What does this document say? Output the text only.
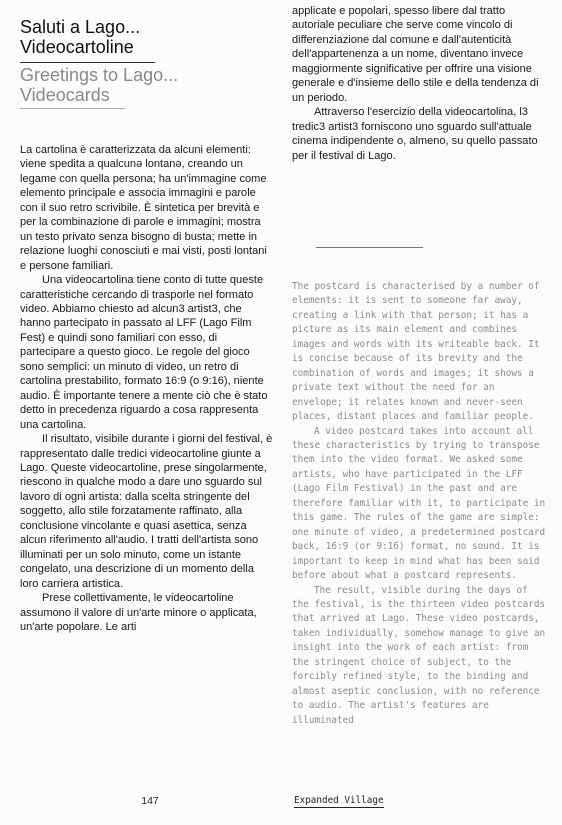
Saluti a Lago...
Videocartoline
Greetings to Lago...
Videocards

La cartolina è caratterizzata da alcuni elementi: viene spedita a qualcunə lontanə, creando un legame con quella persona; ha un'immagine come elemento principale e associa immagini e parole con il suo retro scrivibile. È sintetica per brevità e per la combinazione di parole e immagini; mostra un testo privato senza bisogno di busta; mette in relazione luoghi conosciuti e mai visti, posti lontani e persone familiari.

Una videocartolina tiene conto di tutte queste caratteristiche cercando di trasporle nel formato video. Abbiamo chiesto ad alcun3 artist3, che hanno partecipato in passato al LFF (Lago Film Fest) e quindi sono familiari con esso, di partecipare a questo gioco. Le regole del gioco sono semplici: un minuto di video, un retro di cartolina prestabilito, formato 16:9 (o 9:16), niente audio. È importante tenere a mente ciò che è stato detto in precedenza riguardo a cosa rappresenta una cartolina.

Il risultato, visibile durante i giorni del festival, è rappresentato dalle tredici videocartoline giunte a Lago. Queste videocartoline, prese singolarmente, riescono in qualche modo a dare uno sguardo sul lavoro di ogni artista: dalla scelta stringente del soggetto, allo stile forzatamente raffinato, alla conclusione vincolante e quasi asettica, senza alcun riferimento all'audio. I tratti dell'artista sono illuminati per un solo minuto, come un istante congelato, una descrizione di un momento della loro carriera artistica.

Prese collettivamente, le videocartoline assumono il valore di un'arte minore o applicata, un'arte popolare. Le arti

applicate e popolari, spesso libere dal tratto autoriale peculiare che serve come vincolo di differenziazione dal comune e dall'autenticità dell'appartenenza a un nome, diventano invece maggiormente significative per offrire una visione generale e d'insieme dello stile e della tendenza di un periodo.

Attraverso l'esercizio della videocartolina, l3 tredic3 artist3 forniscono uno sguardo sull'attuale cinema indipendente o, almeno, su quello passato per il festival di Lago.

The postcard is characterised by a number of elements: it is sent to someone far away, creating a link with that person; it has a picture as its main element and combines images and words with its writeable back. It is concise because of its brevity and the combination of words and images; it shows a private text without the need for an envelope; it relates known and never-seen places, distant places and familiar people.

A video postcard takes into account all these characteristics by trying to transpose them into the video format. We asked some artists, who have participated in the LFF (Lago Film Festival) in the past and are therefore familiar with it, to participate in this game. The rules of the game are simple: one minute of video, a predetermined postcard back, 16:9 (or 9:16) format, no sound. It is important to keep in mind what has been said before about what a postcard represents.

The result, visible during the days of the festival, is the thirteen video postcards that arrived at Lago. These video postcards, taken individually, somehow manage to give an insight into the work of each artist: from the stringent choice of subject, to the forcibly refined style, to the binding and almost aseptic conclusion, with no reference to audio. The artist's features are illuminated

147	Expanded Village
